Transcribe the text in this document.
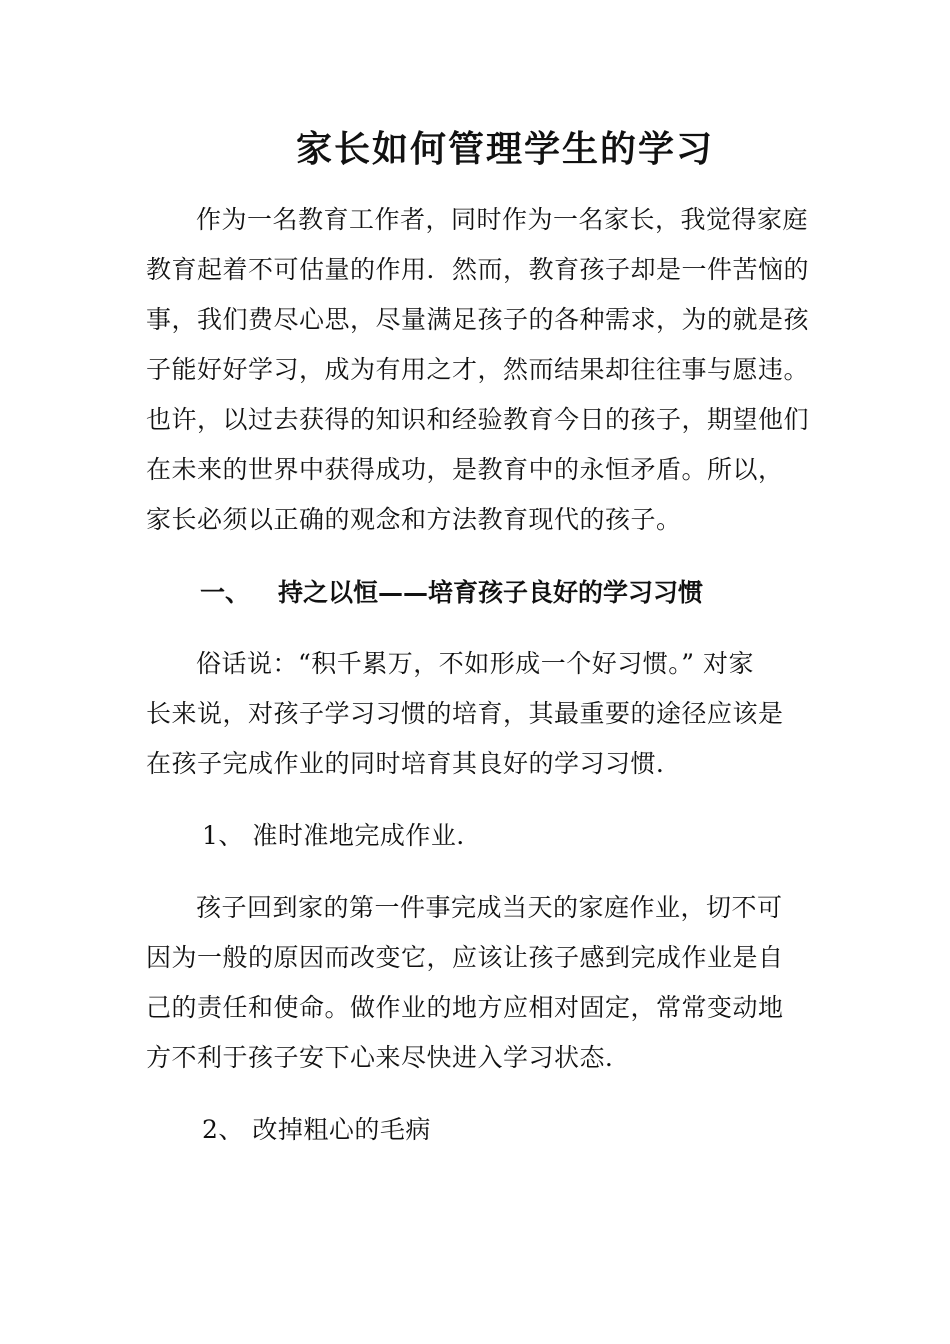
家长如何管理学生的学习
作为一名教育工作者，同时作为一名家长，我觉得家庭
教育起着不可估量的作用．然而，教育孩子却是一件苦恼的
事，我们费尽心思，尽量满足孩子的各种需求，为的就是孩
子能好好学习，成为有用之才，然而结果却往往事与愿违。
也许，以过去获得的知识和经验教育今日的孩子，期望他们
在未来的世界中获得成功，是教育中的永恒矛盾。所以，
家长必须以正确的观念和方法教育现代的孩子。
一、 持之以恒——培育孩子良好的学习习惯
俗话说：“积千累万，不如形成一个好习惯。” 对家
长来说，对孩子学习习惯的培育，其最重要的途径应该是
在孩子完成作业的同时培育其良好的学习习惯．
1、 准时准地完成作业．
孩子回到家的第一件事完成当天的家庭作业，切不可
因为一般的原因而改变它，应该让孩子感到完成作业是自
己的责任和使命。做作业的地方应相对固定，常常变动地
方不利于孩子安下心来尽快进入学习状态．
2、 改掉粗心的毛病
